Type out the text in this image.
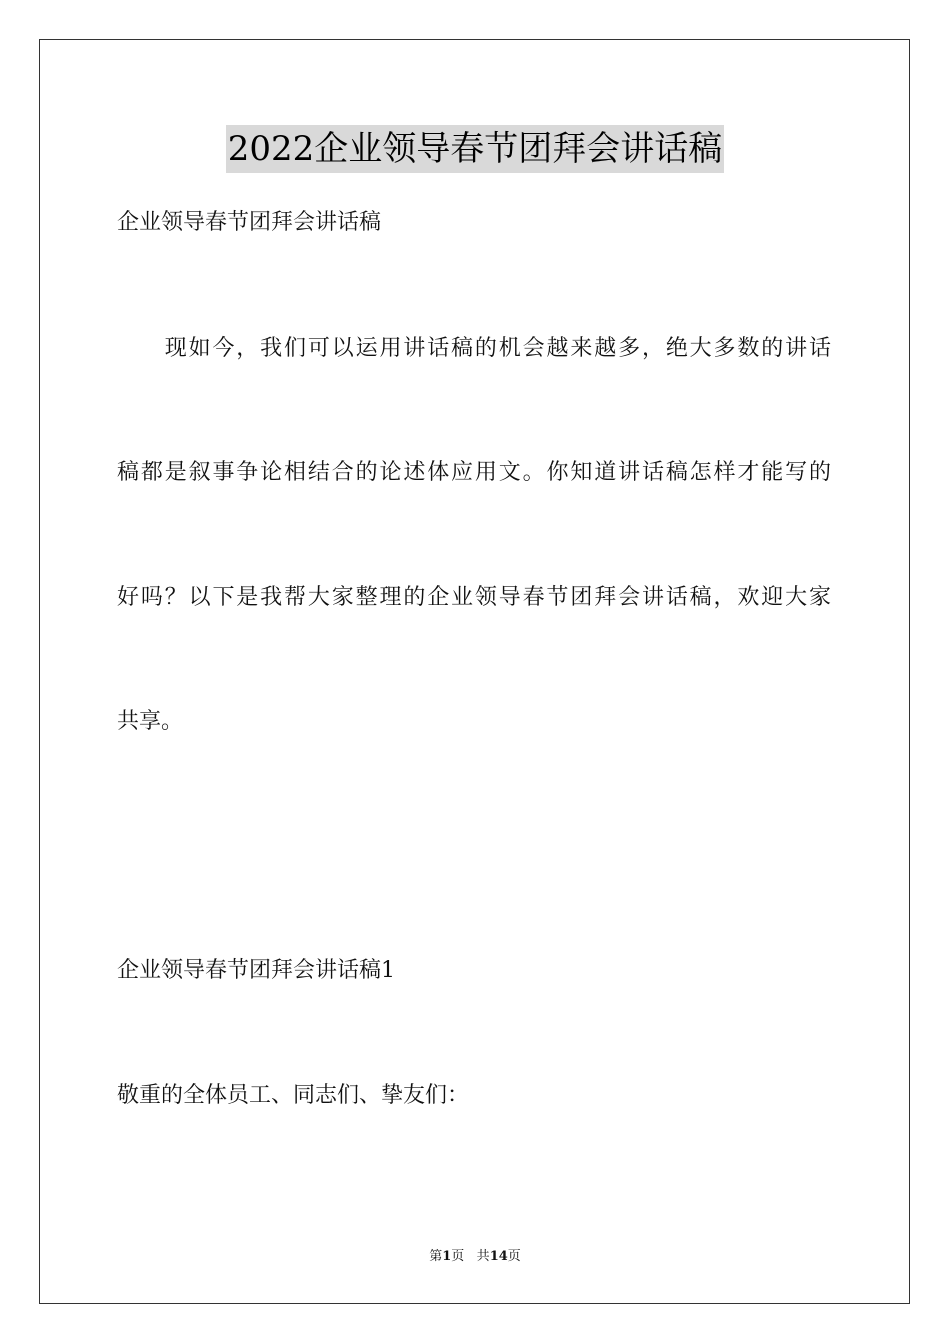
2022企业领导春节团拜会讲话稿
企业领导春节团拜会讲话稿
　　现如今，我们可以运用讲话稿的机会越来越多，绝大多数的讲话
稿都是叙事争论相结合的论述体应用文。你知道讲话稿怎样才能写的
好吗？以下是我帮大家整理的企业领导春节团拜会讲话稿，欢迎大家
共享。
企业领导春节团拜会讲话稿1
敬重的全体员工、同志们、挚友们：
第1页 共14页
